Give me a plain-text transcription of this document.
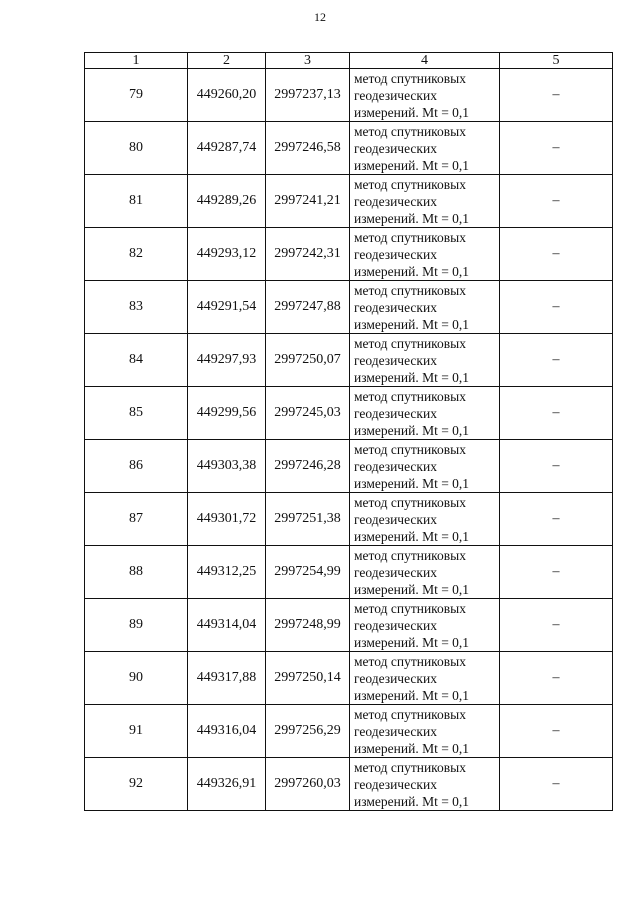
12
1	2	3	4	5
79	449260,20	2997237,13	метод спутниковых
геодезических
измерений. Mt = 0,1	–
80	449287,74	2997246,58	метод спутниковых
геодезических
измерений. Mt = 0,1	–
81	449289,26	2997241,21	метод спутниковых
геодезических
измерений. Mt = 0,1	–
82	449293,12	2997242,31	метод спутниковых
геодезических
измерений. Mt = 0,1	–
83	449291,54	2997247,88	метод спутниковых
геодезических
измерений. Mt = 0,1	–
84	449297,93	2997250,07	метод спутниковых
геодезических
измерений. Mt = 0,1	–
85	449299,56	2997245,03	метод спутниковых
геодезических
измерений. Mt = 0,1	–
86	449303,38	2997246,28	метод спутниковых
геодезических
измерений. Mt = 0,1	–
87	449301,72	2997251,38	метод спутниковых
геодезических
измерений. Mt = 0,1	–
88	449312,25	2997254,99	метод спутниковых
геодезических
измерений. Mt = 0,1	–
89	449314,04	2997248,99	метод спутниковых
геодезических
измерений. Mt = 0,1	–
90	449317,88	2997250,14	метод спутниковых
геодезических
измерений. Mt = 0,1	–
91	449316,04	2997256,29	метод спутниковых
геодезических
измерений. Mt = 0,1	–
92	449326,91	2997260,03	метод спутниковых
геодезических
измерений. Mt = 0,1	–
